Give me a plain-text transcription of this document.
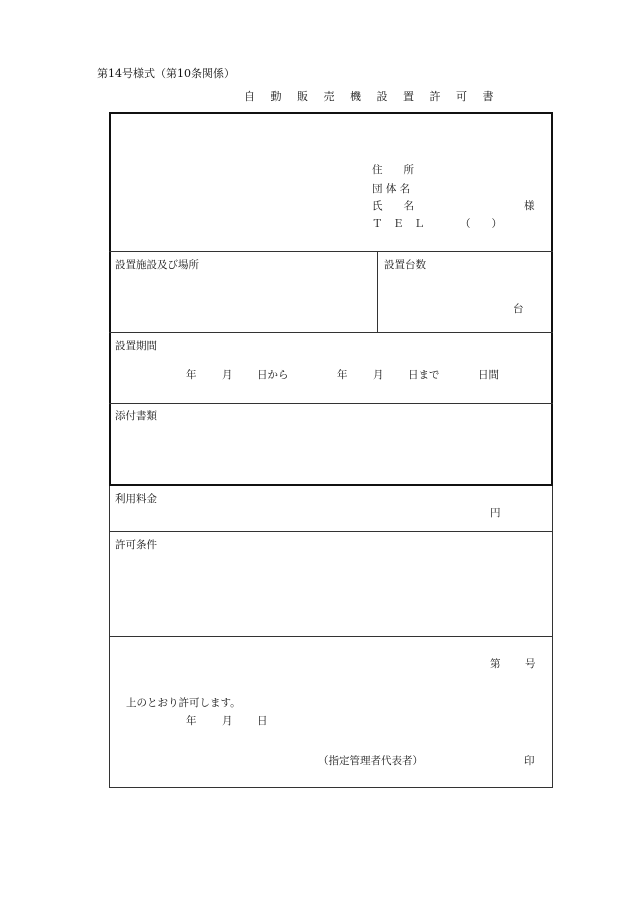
第14号様式（第10条関係）
自 動 販 売 機 設 置 許 可 書
住　　所
団 体 名
氏　　名	様
Ｔ　Ｅ　Ｌ	（　　）
設置施設及び場所	設置台数
台
設置期間
年 月 日から	年 月 日まで	日間
添付書類
利用料金
円
許可条件
第 号
上のとおり許可します。
年 月 日
（指定管理者代表者）	印
